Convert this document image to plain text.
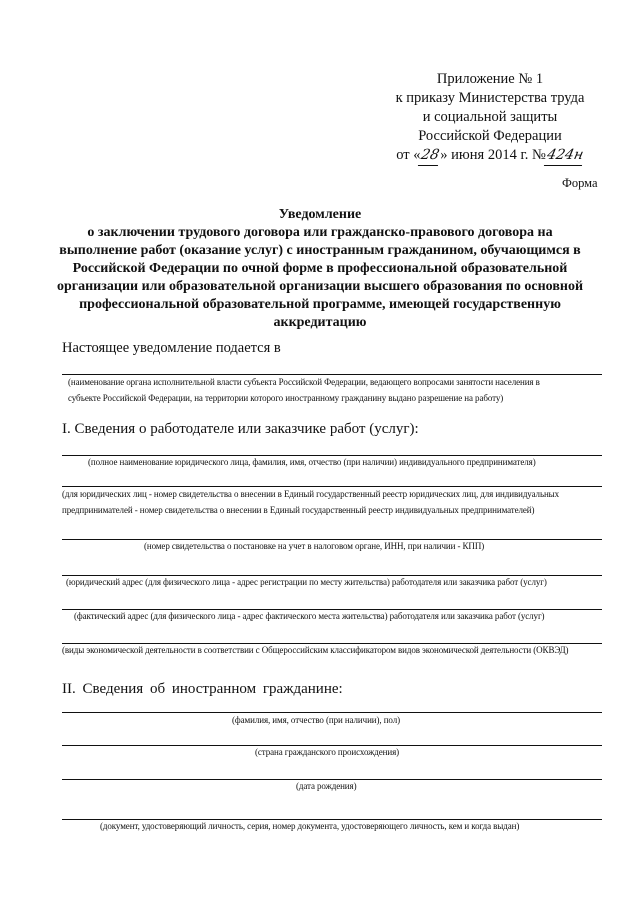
Приложение № 1
к приказу Министерства труда
и социальной защиты
Российской Федерации
от «28» июня 2014 г. №424н
Форма
Уведомление
о заключении трудового договора или гражданско-правового договора на
выполнение работ (оказание услуг) с иностранным гражданином, обучающимся в
Российской Федерации по очной форме в профессиональной образовательной
организации или образовательной организации высшего образования по основной
профессиональной образовательной программе, имеющей государственную
аккредитацию
Настоящее уведомление подается в
(наименование органа исполнительной власти субъекта Российской Федерации, ведающего вопросами занятости населения в
субъекте Российской Федерации, на территории которого иностранному гражданину выдано разрешение на работу)
I. Сведения о работодателе или заказчике работ (услуг):
(полное наименование юридического лица, фамилия, имя, отчество (при наличии) индивидуального предпринимателя)
(для юридических лиц - номер свидетельства о внесении в Единый государственный реестр юридических лиц, для индивидуальных
предпринимателей - номер свидетельства о внесении в Единый государственный реестр индивидуальных предпринимателей)
(номер свидетельства о постановке на учет в налоговом органе, ИНН, при наличии - КПП)
(юридический адрес (для физического лица - адрес регистрации по месту жительства) работодателя или заказчика работ (услуг)
(фактический адрес (для физического лица - адрес фактического места жительства) работодателя или заказчика работ (услуг)
(виды экономической деятельности в соответствии с Общероссийским классификатором видов экономической деятельности (ОКВЭД)
II. Сведения об иностранном гражданине:
(фамилия, имя, отчество (при наличии), пол)
(страна гражданского происхождения)
(дата рождения)
(документ, удостоверяющий личность, серия, номер документа, удостоверяющего личность, кем и когда выдан)
